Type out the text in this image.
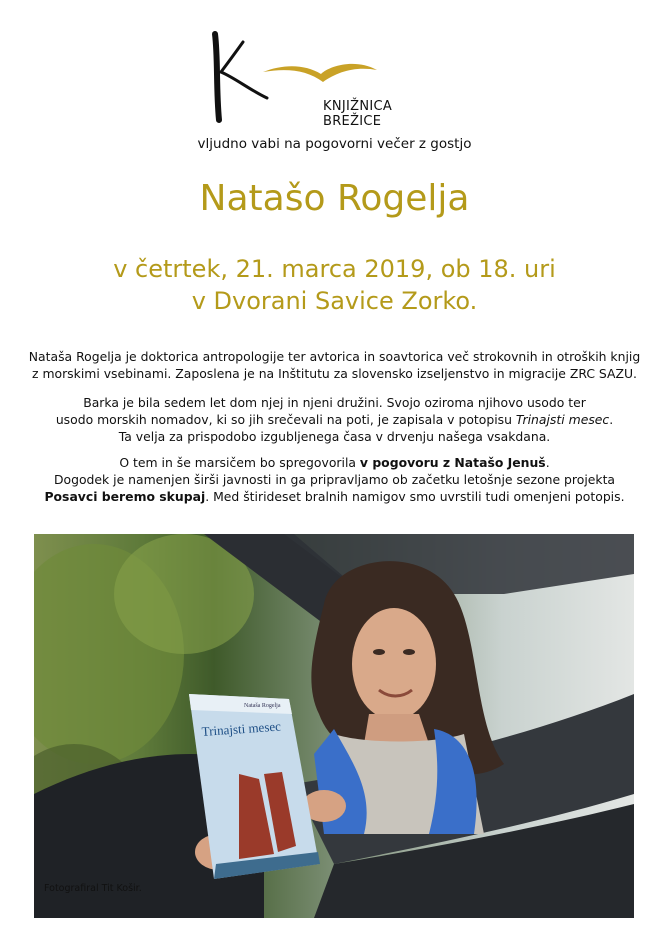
KNJIŽNICA BREŽICE
vljudno vabi na pogovorni večer z gostjo
Natašo Rogelja
v četrtek, 21. marca 2019, ob 18. uri
v Dvorani Savice Zorko.

Nataša Rogelja je doktorica antropologije ter avtorica in soavtorica več strokovnih in otroških knjig

z morskimi vsebinami. Zaposlena je na Inštitutu za slovensko izseljenstvo in migracije ZRC SAZU.

Barka je bila sedem let dom njej in njeni družini. Svojo oziroma njihovo usodo ter

usodo morskih nomadov, ki so jih srečevali na poti, je zapisala v potopisu Trinajsti mesec.

Ta velja za prispodobo izgubljenega časa v drvenju našega vsakdana.

O tem in še marsičem bo spregovorila v pogovoru z Natašo Jenuš.

Dogodek je namenjen širši javnosti in ga pripravljamo ob začetku letošnje sezone projekta

Posavci beremo skupaj. Med štirideset bralnih namigov smo uvrstili tudi omenjeni potopis.

Nataša Rogelja
Trinajsti mesec
Fotografiral Tit Košir.
